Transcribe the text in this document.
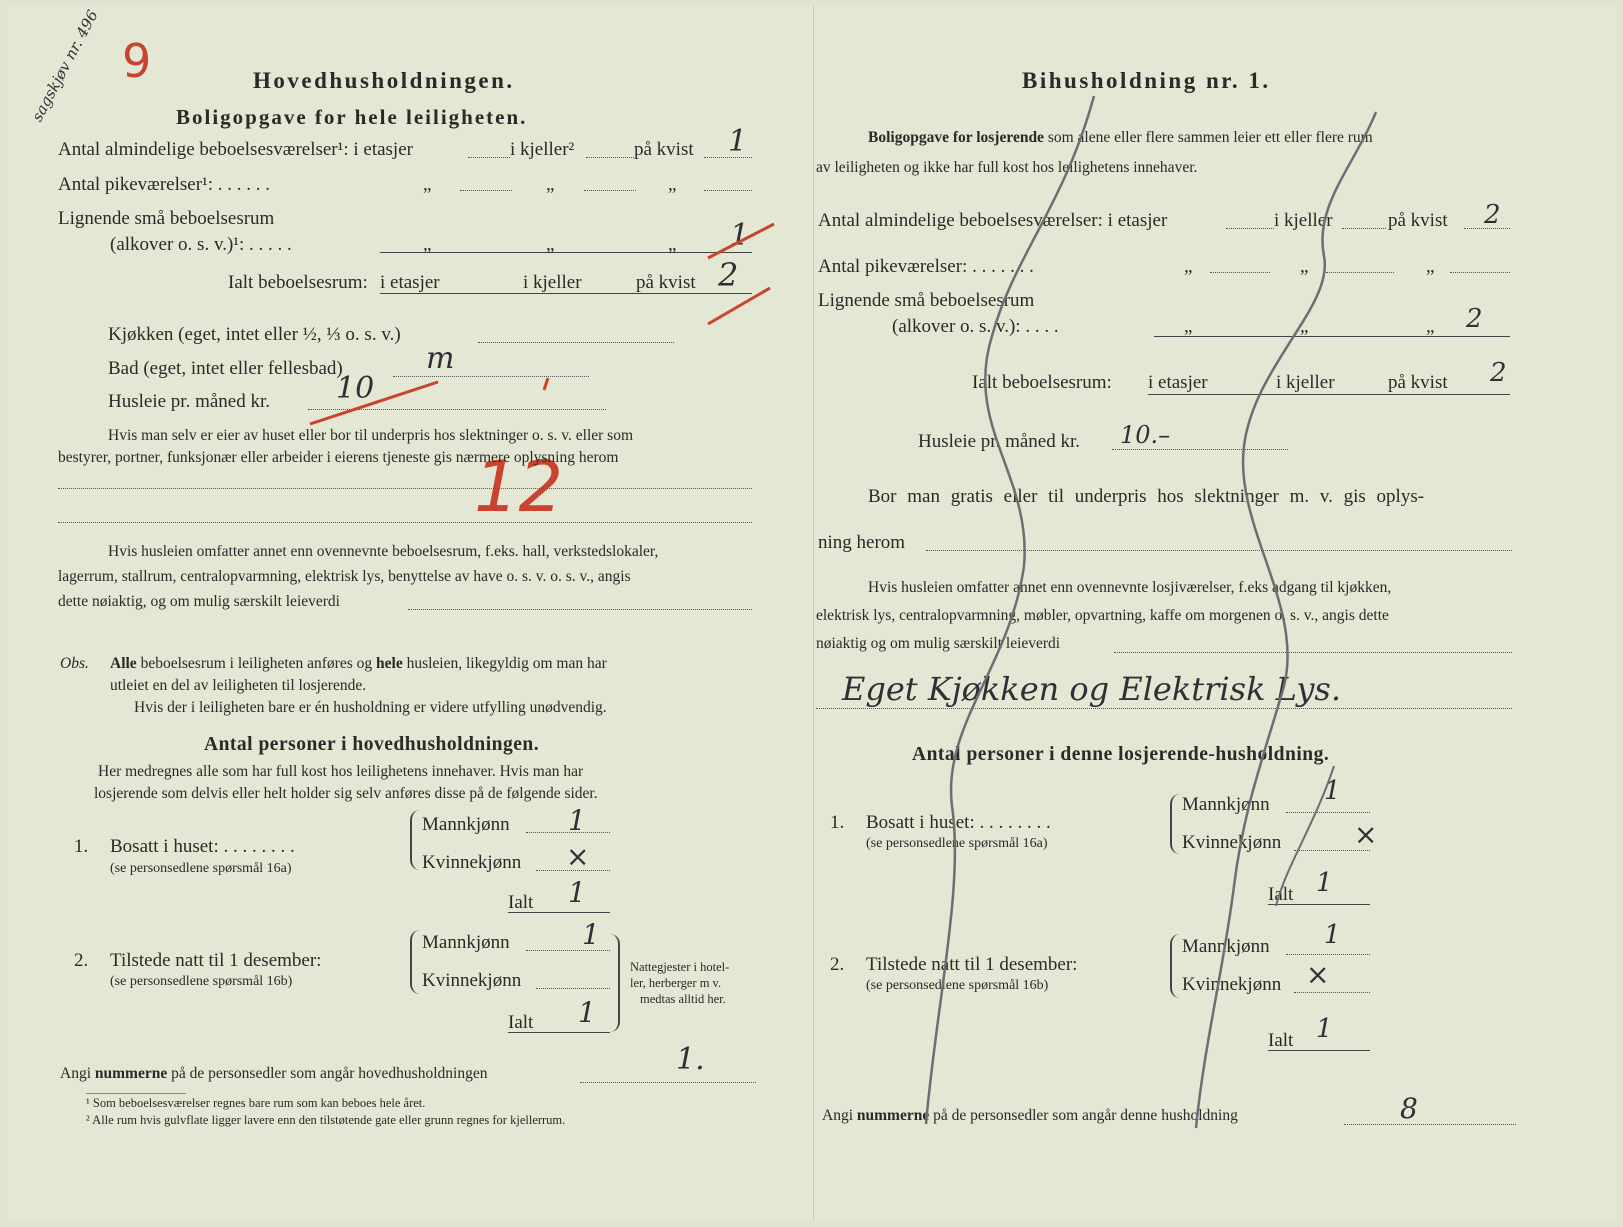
sagskjøv nr. 496 9	Hovedhusholdningen.
Boligopgave for hele leiligheten.
Antal almindelige beboelsesværelser¹: i etasjer	i kjeller²	på kvist 1
Antal pikeværelser¹: . . . . . .	„	„	„
Lignende små beboelsesrum
(alkover o. s. v.)¹: . . . . .	„	„	„ 1
Ialt beboelsesrum: i etasjer	i kjeller	på kvist 2
Kjøkken (eget, intet eller ½, ⅓ o. s. v.)
Bad (eget, intet eller fellesbad)	m
Husleie pr. måned kr. 10
12
Hvis man selv er eier av huset eller bor til underpris hos slektninger o. s. v. eller som
bestyrer, portner, funksjonær eller arbeider i eierens tjeneste gis nærmere oplysning herom
Hvis husleien omfatter annet enn ovennevnte beboelsesrum, f.eks. hall, verkstedslokaler,
lagerrum, stallrum, centralopvarmning, elektrisk lys, benyttelse av have o. s. v. o. s. v., angis
dette nøiaktig, og om mulig særskilt leieverdi
Obs. Alle beboelsesrum i leiligheten anføres og hele husleien, likegyldig om man har
utleiet en del av leiligheten til losjerende.
Hvis der i leiligheten bare er én husholdning er videre utfylling unødvendig.
Antal personer i hovedhusholdningen.
Her medregnes alle som har full kost hos leilighetens innehaver. Hvis man har
losjerende som delvis eller helt holder sig selv anføres disse på de følgende sider.
1. Bosatt i huset: . . . . . . . .
(se personsedlene spørsmål 16a)
Mannkjønn 1
Kvinnekjønn ×
Ialt 1
2. Tilstede natt til 1 desember:
(se personsedlene spørsmål 16b)
Mannkjønn	1
Kvinnekjønn
Ialt 1
Nattegjester i hotel-
ler, herberger m v.
medtas alltid her.
Angi nummerne på de personsedler som angår hovedhusholdningen	1.
¹ Som beboelsesværelser regnes bare rum som kan beboes hele året.
² Alle rum hvis gulvflate ligger lavere enn den tilstøtende gate eller grunn regnes for kjellerrum.
Bihusholdning nr. 1.
Boligopgave for losjerende som alene eller flere sammen leier ett eller flere rum
av leiligheten og ikke har full kost hos leilighetens innehaver.
Antal almindelige beboelsesværelser: i etasjer	i kjeller	på kvist 2
Antal pikeværelser: . . . . . . .	„	„	„
Lignende små beboelsesrum
(alkover o. s. v.): . . . .	„	„	„ 2
Ialt beboelsesrum: i etasjer	i kjeller	på kvist 2
Husleie pr. måned kr. 10.–
Bor man gratis eller til underpris hos slektninger m. v. gis oplys-
ning herom
Hvis husleien omfatter annet enn ovennevnte losjiværelser, f.eks adgang til kjøkken,
elektrisk lys, centralopvarmning, møbler, opvartning, kaffe om morgenen o. s. v., angis dette
nøiaktig og om mulig særskilt leieverdi
Eget Kjøkken og Elektrisk Lys.
Antal personer i denne losjerende-husholdning.
1. Bosatt i huset: . . . . . . . .
(se personsedlene spørsmål 16a)
Mannkjønn 1
Kvinnekjønn	×
Ialt 1
2. Tilstede natt til 1 desember:
(se personsedlene spørsmål 16b)
Mannkjønn 1
Kvinnekjønn ×
Ialt 1
Angi nummerne på de personsedler som angår denne husholdning	8
